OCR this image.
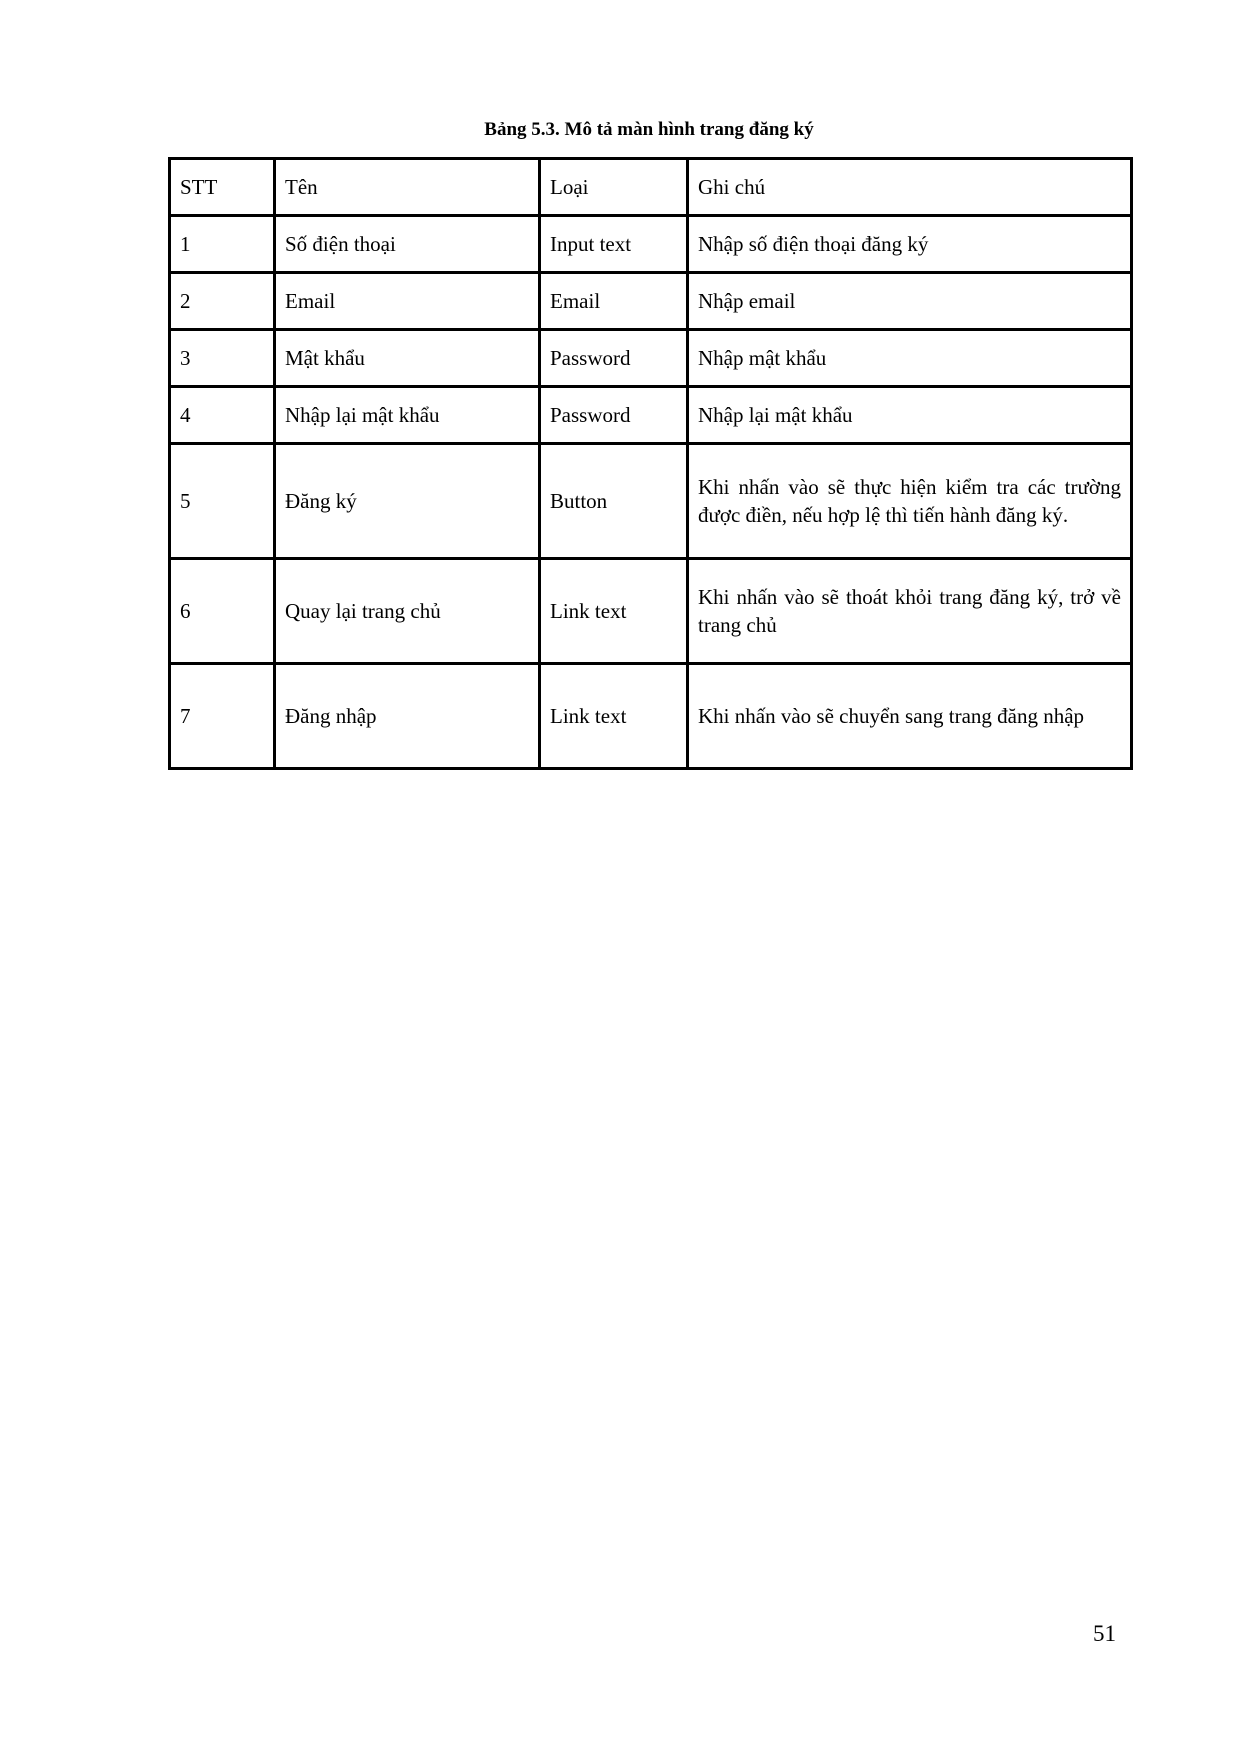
Bảng 5.3. Mô tả màn hình trang đăng ký
STT	Tên	Loại	Ghi chú
1	Số điện thoại	Input text	Nhập số điện thoại đăng ký
2	Email	Email	Nhập email
3	Mật khẩu	Password	Nhập mật khẩu
4	Nhập lại mật khẩu	Password	Nhập lại mật khẩu
5	Đăng ký	Button	Khi nhấn vào sẽ thực hiện kiểm tra các trường được điền, nếu hợp lệ thì tiến hành đăng ký.
6	Quay lại trang chủ	Link text	Khi nhấn vào sẽ thoát khỏi trang đăng ký, trở về trang chủ
7	Đăng nhập	Link text	Khi nhấn vào sẽ chuyển sang trang đăng nhập
51
